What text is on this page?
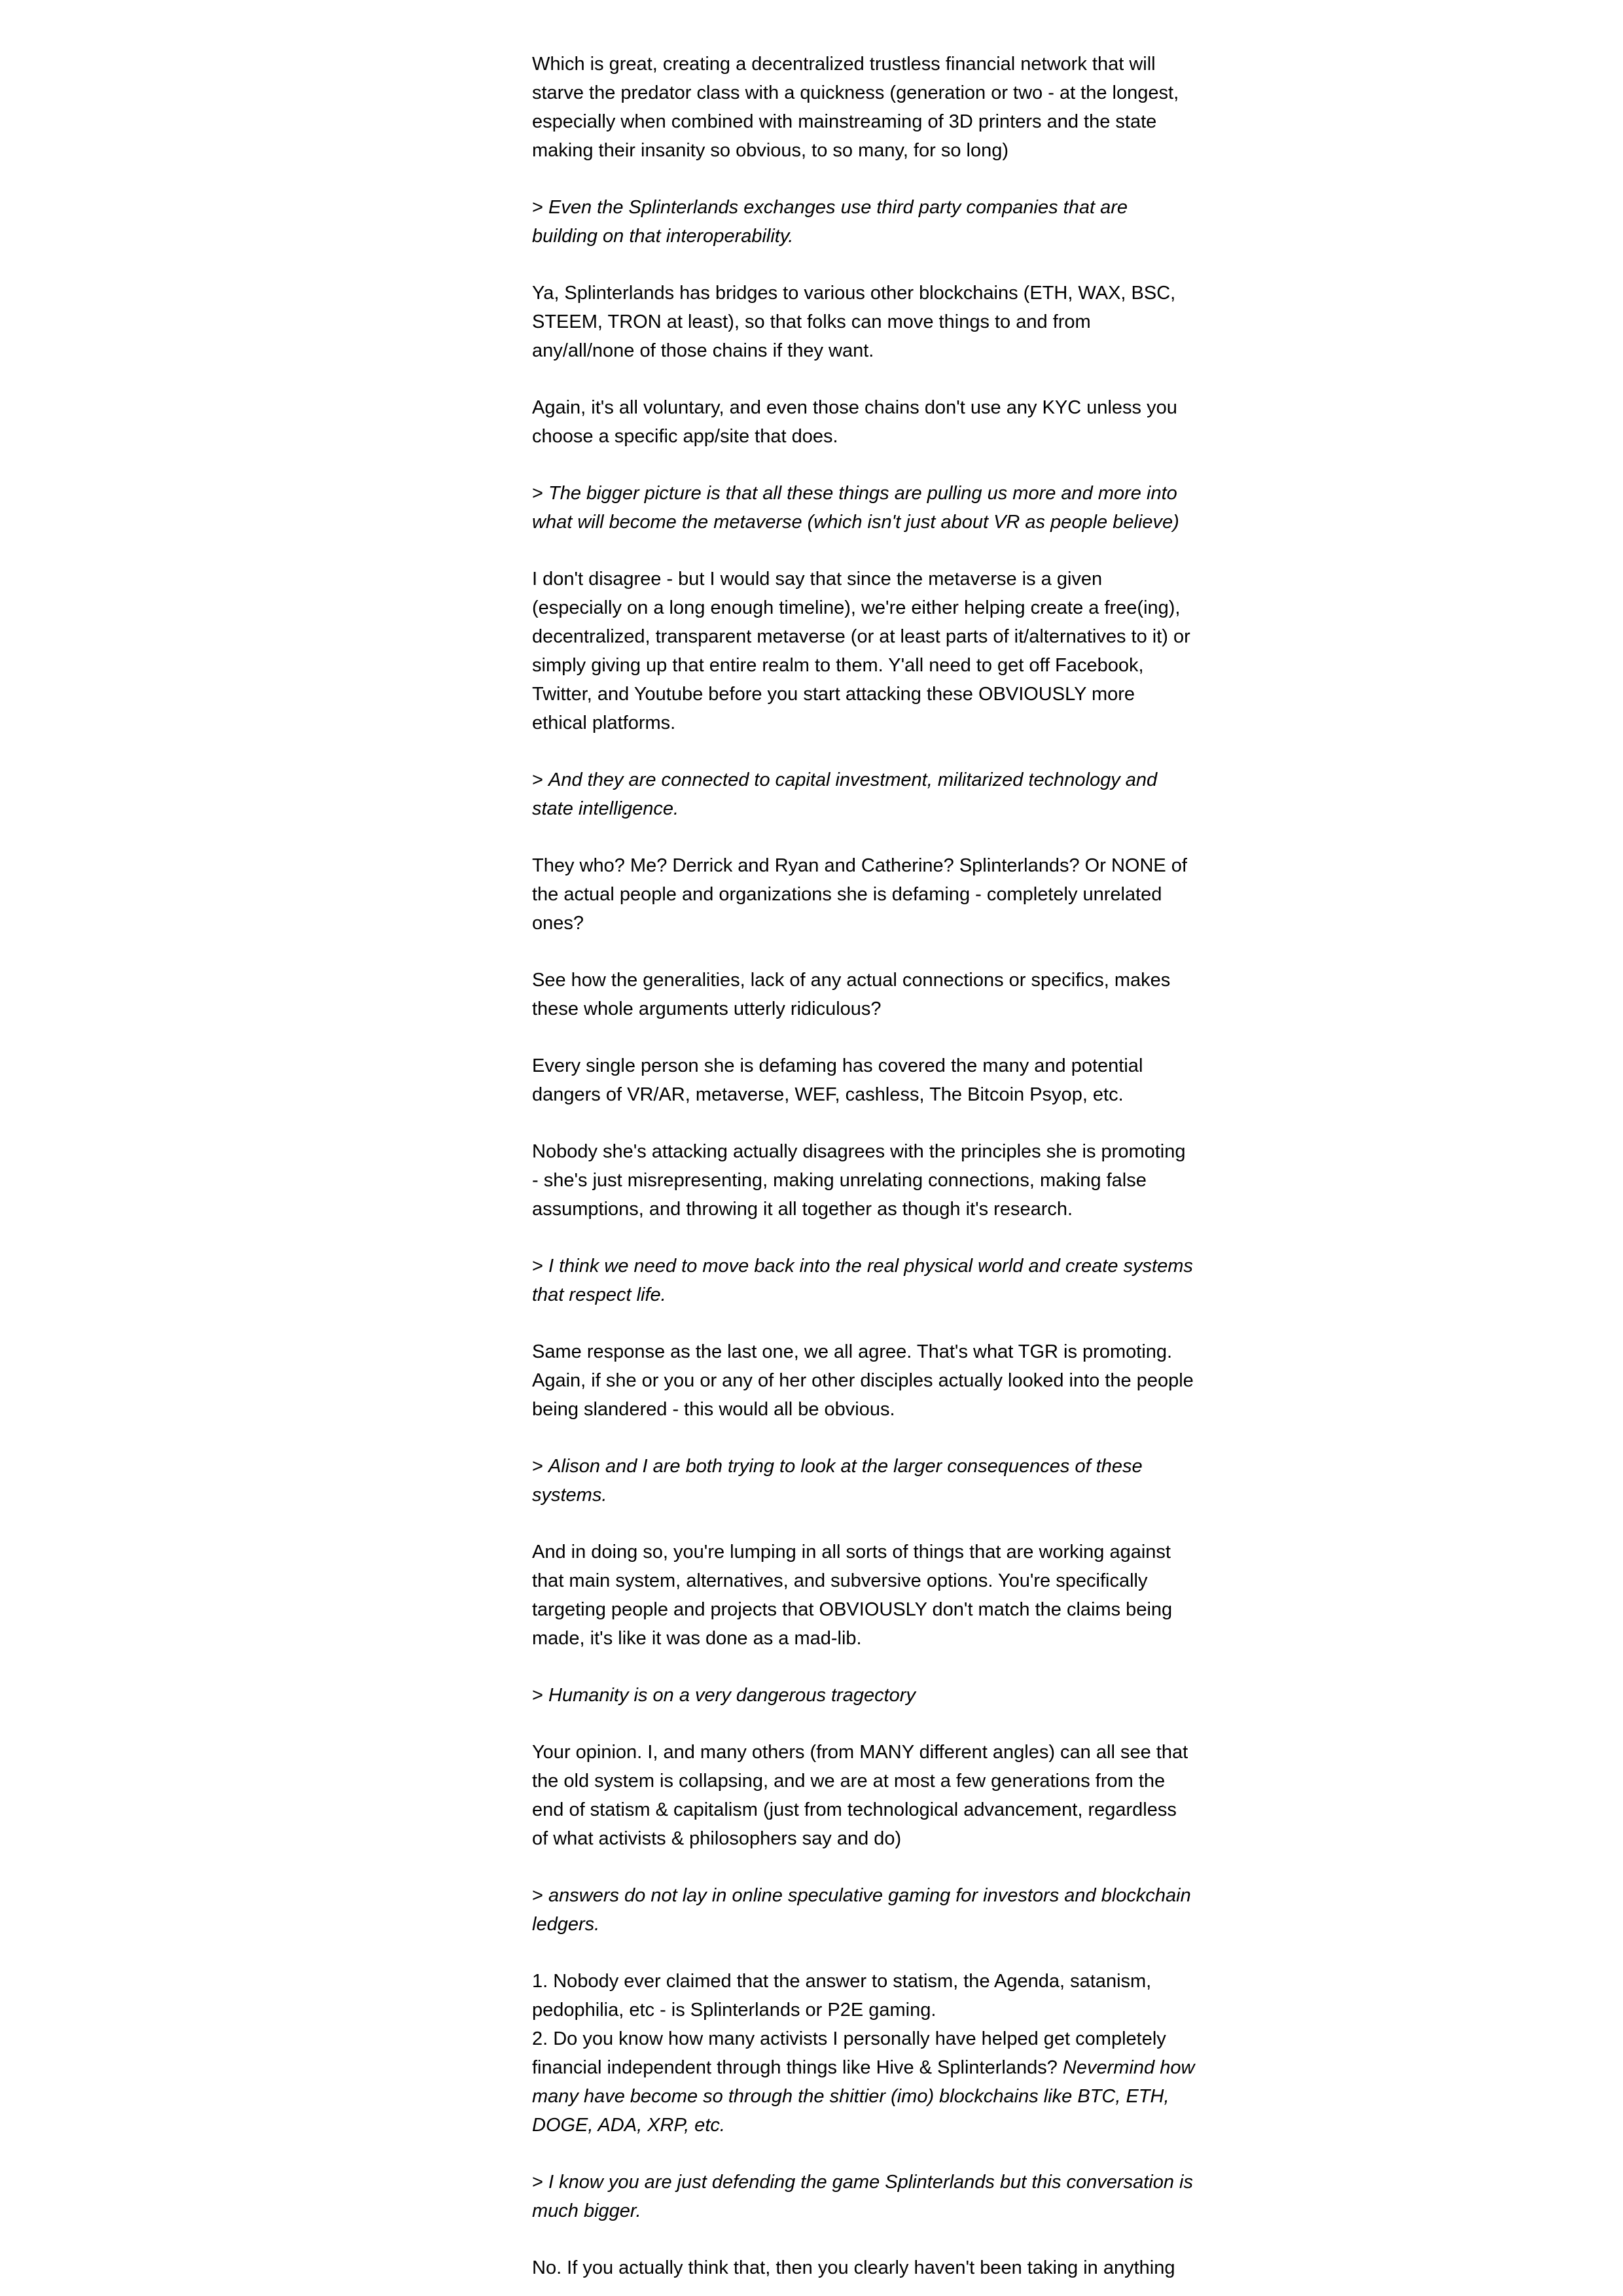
Which is great, creating a decentralized trustless financial network that will
starve the predator class with a quickness (generation or two - at the longest,
especially when combined with mainstreaming of 3D printers and the state
making their insanity so obvious, to so many, for so long)

> Even the Splinterlands exchanges use third party companies that are
building on that interoperability.

Ya, Splinterlands has bridges to various other blockchains (ETH, WAX, BSC,
STEEM, TRON at least), so that folks can move things to and from
any/all/none of those chains if they want.

Again, it's all voluntary, and even those chains don't use any KYC unless you
choose a specific app/site that does.

> The bigger picture is that all these things are pulling us more and more into
what will become the metaverse (which isn't just about VR as people believe)

I don't disagree - but I would say that since the metaverse is a given
(especially on a long enough timeline), we're either helping create a free(ing),
decentralized, transparent metaverse (or at least parts of it/alternatives to it) or
simply giving up that entire realm to them. Y'all need to get off Facebook,
Twitter, and Youtube before you start attacking these OBVIOUSLY more
ethical platforms.

> And they are connected to capital investment, militarized technology and
state intelligence.

They who? Me? Derrick and Ryan and Catherine? Splinterlands? Or NONE of
the actual people and organizations she is defaming - completely unrelated
ones?

See how the generalities, lack of any actual connections or specifics, makes
these whole arguments utterly ridiculous?

Every single person she is defaming has covered the many and potential
dangers of VR/AR, metaverse, WEF, cashless, The Bitcoin Psyop, etc.

Nobody she's attacking actually disagrees with the principles she is promoting
- she's just misrepresenting, making unrelating connections, making false
assumptions, and throwing it all together as though it's research.

> I think we need to move back into the real physical world and create systems
that respect life.

Same response as the last one, we all agree. That's what TGR is promoting.
Again, if she or you or any of her other disciples actually looked into the people
being slandered - this would all be obvious.

> Alison and I are both trying to look at the larger consequences of these
systems.

And in doing so, you're lumping in all sorts of things that are working against
that main system, alternatives, and subversive options. You're specifically
targeting people and projects that OBVIOUSLY don't match the claims being
made, it's like it was done as a mad-lib.

> Humanity is on a very dangerous tragectory

Your opinion. I, and many others (from MANY different angles) can all see that
the old system is collapsing, and we are at most a few generations from the
end of statism & capitalism (just from technological advancement, regardless
of what activists & philosophers say and do)

> answers do not lay in online speculative gaming for investors and blockchain
ledgers.

1. Nobody ever claimed that the answer to statism, the Agenda, satanism,
pedophilia, etc - is Splinterlands or P2E gaming.
2. Do you know how many activists I personally have helped get completely
financial independent through things like Hive & Splinterlands? Nevermind how
many have become so through the shittier (imo) blockchains like BTC, ETH,
DOGE, ADA, XRP, etc.

> I know you are just defending the game Splinterlands but this conversation is
much bigger.

No. If you actually think that, then you clearly haven't been taking in anything
